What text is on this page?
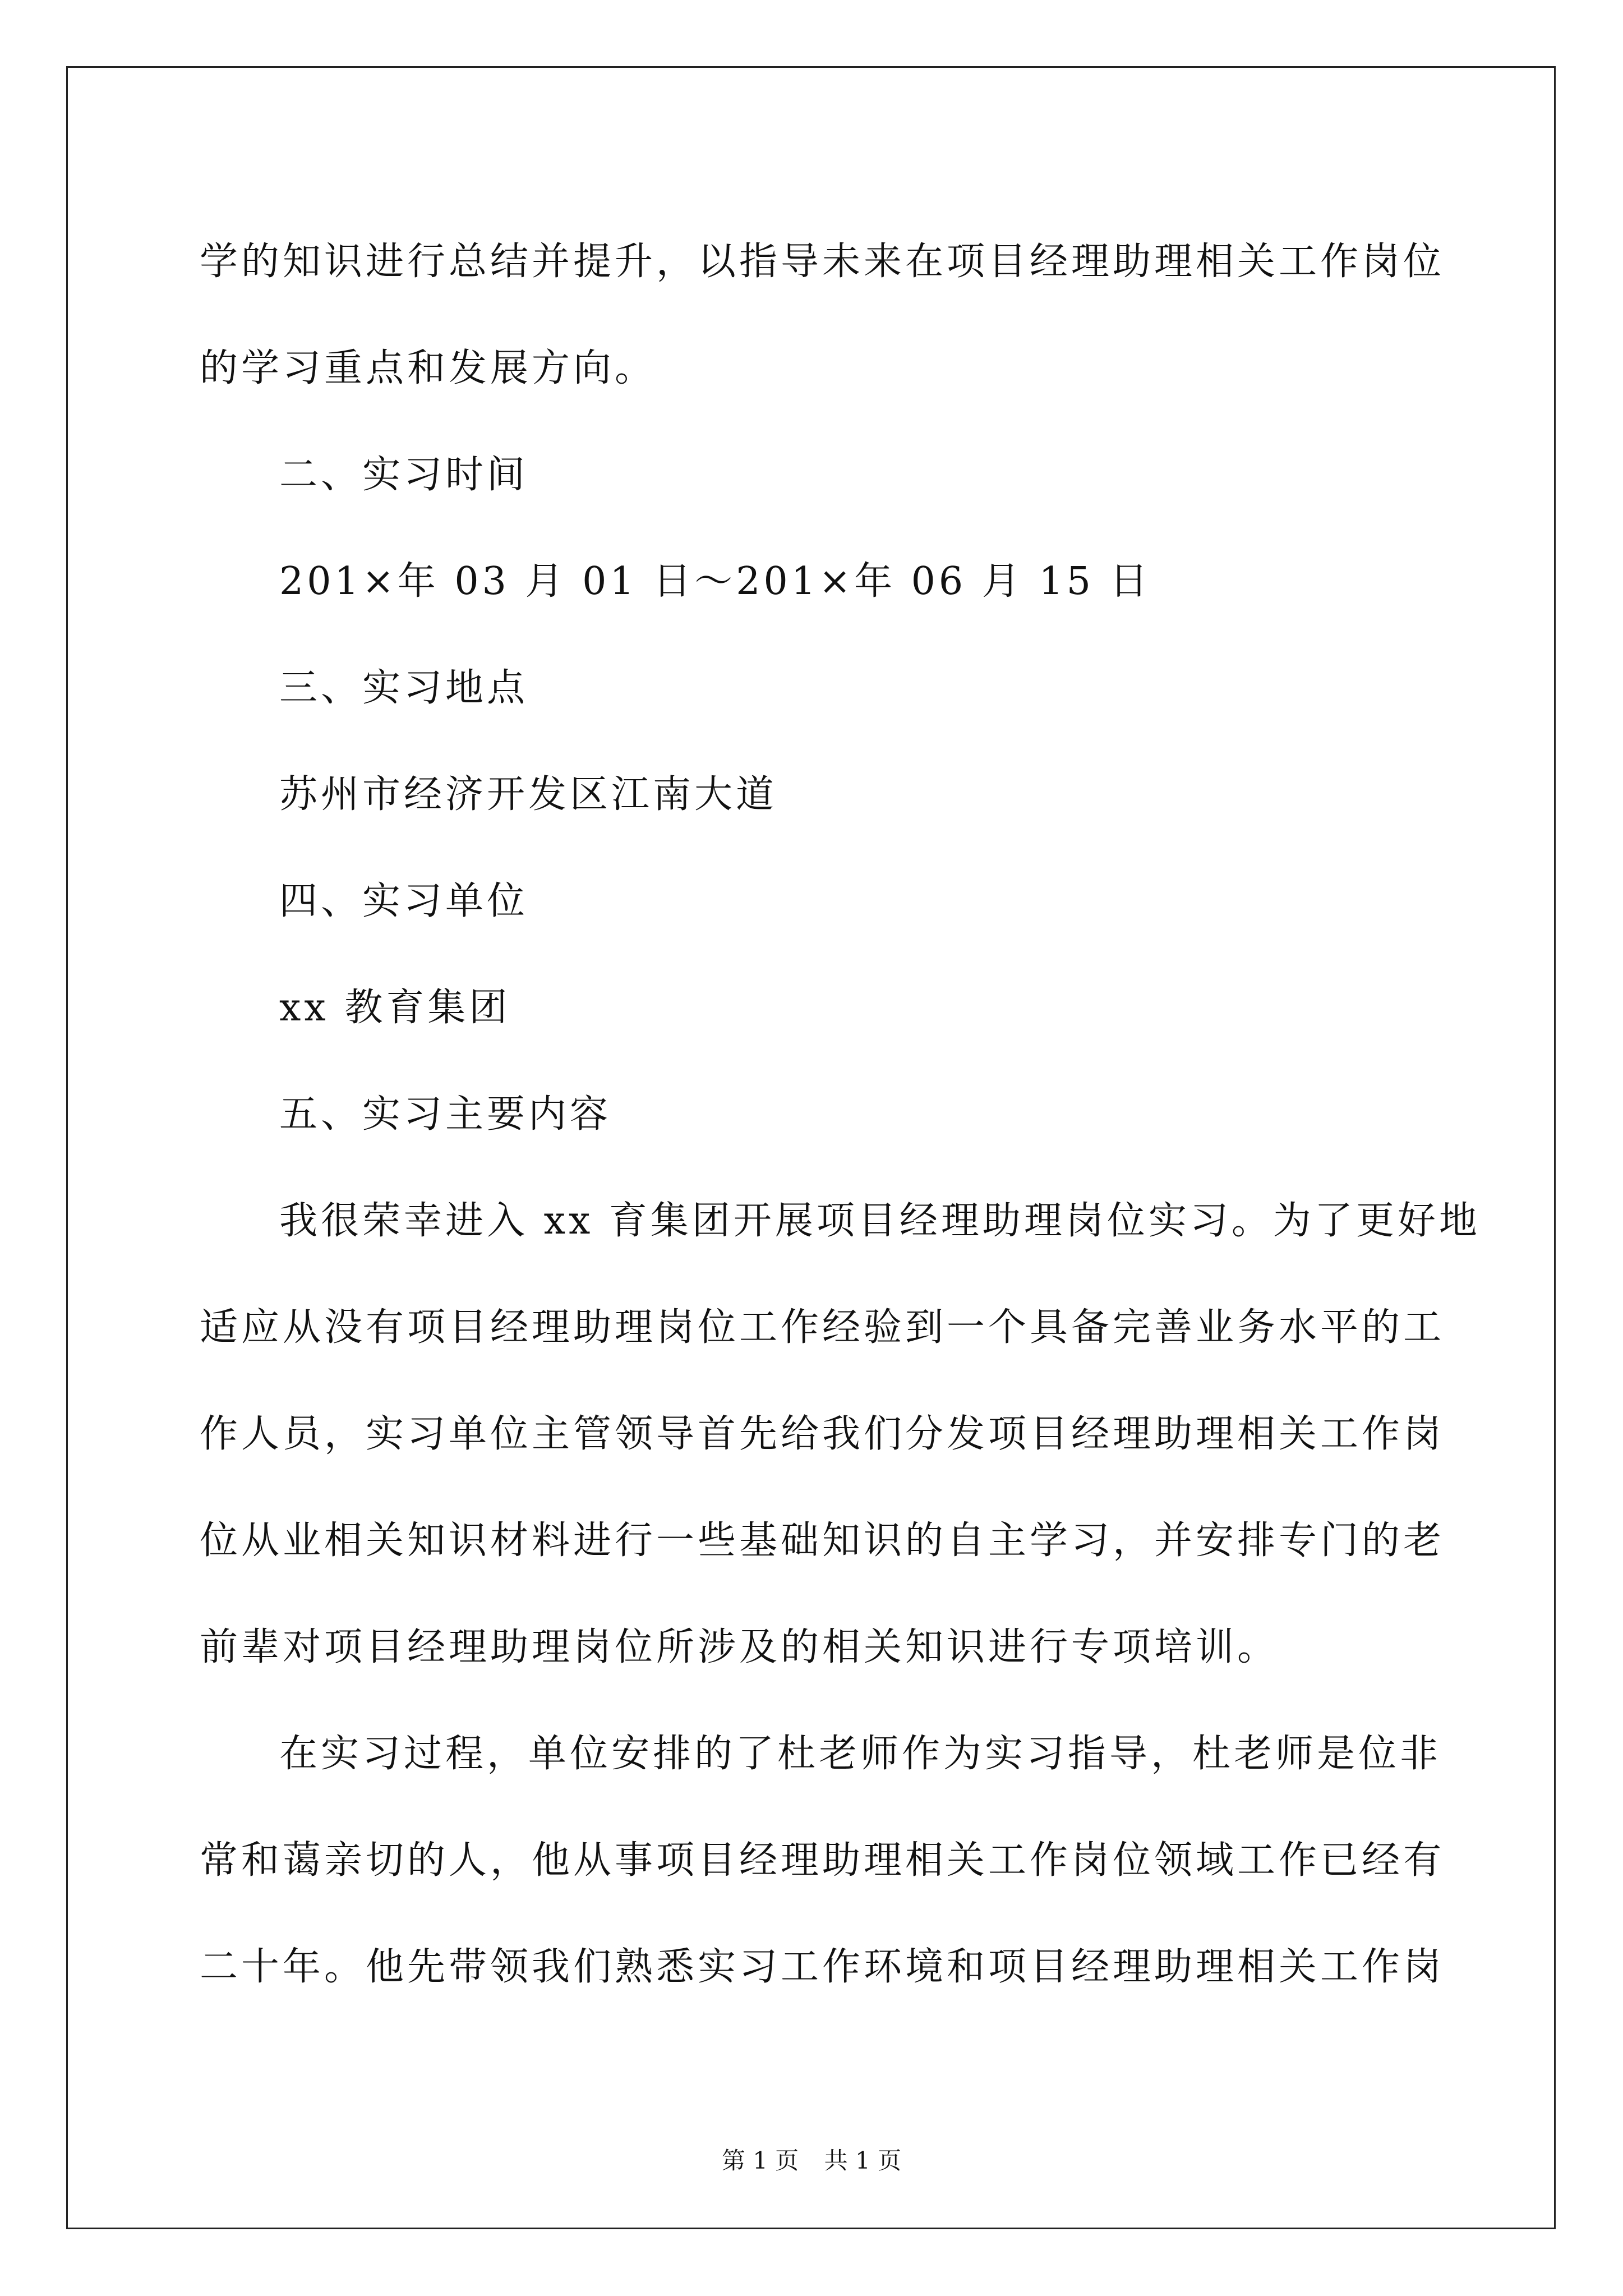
学的知识进行总结并提升，以指导未来在项目经理助理相关工作岗位
的学习重点和发展方向。
二、实习时间
201×年 03 月 01 日～201×年 06 月 15 日
三、实习地点
苏州市经济开发区江南大道
四、实习单位
xx 教育集团
五、实习主要内容
我很荣幸进入 xx 育集团开展项目经理助理岗位实习。为了更好地
适应从没有项目经理助理岗位工作经验到一个具备完善业务水平的工
作人员，实习单位主管领导首先给我们分发项目经理助理相关工作岗
位从业相关知识材料进行一些基础知识的自主学习，并安排专门的老
前辈对项目经理助理岗位所涉及的相关知识进行专项培训。
在实习过程，单位安排的了杜老师作为实习指导，杜老师是位非
常和蔼亲切的人，他从事项目经理助理相关工作岗位领域工作已经有
二十年。他先带领我们熟悉实习工作环境和项目经理助理相关工作岗
第 1 页 共 1 页
